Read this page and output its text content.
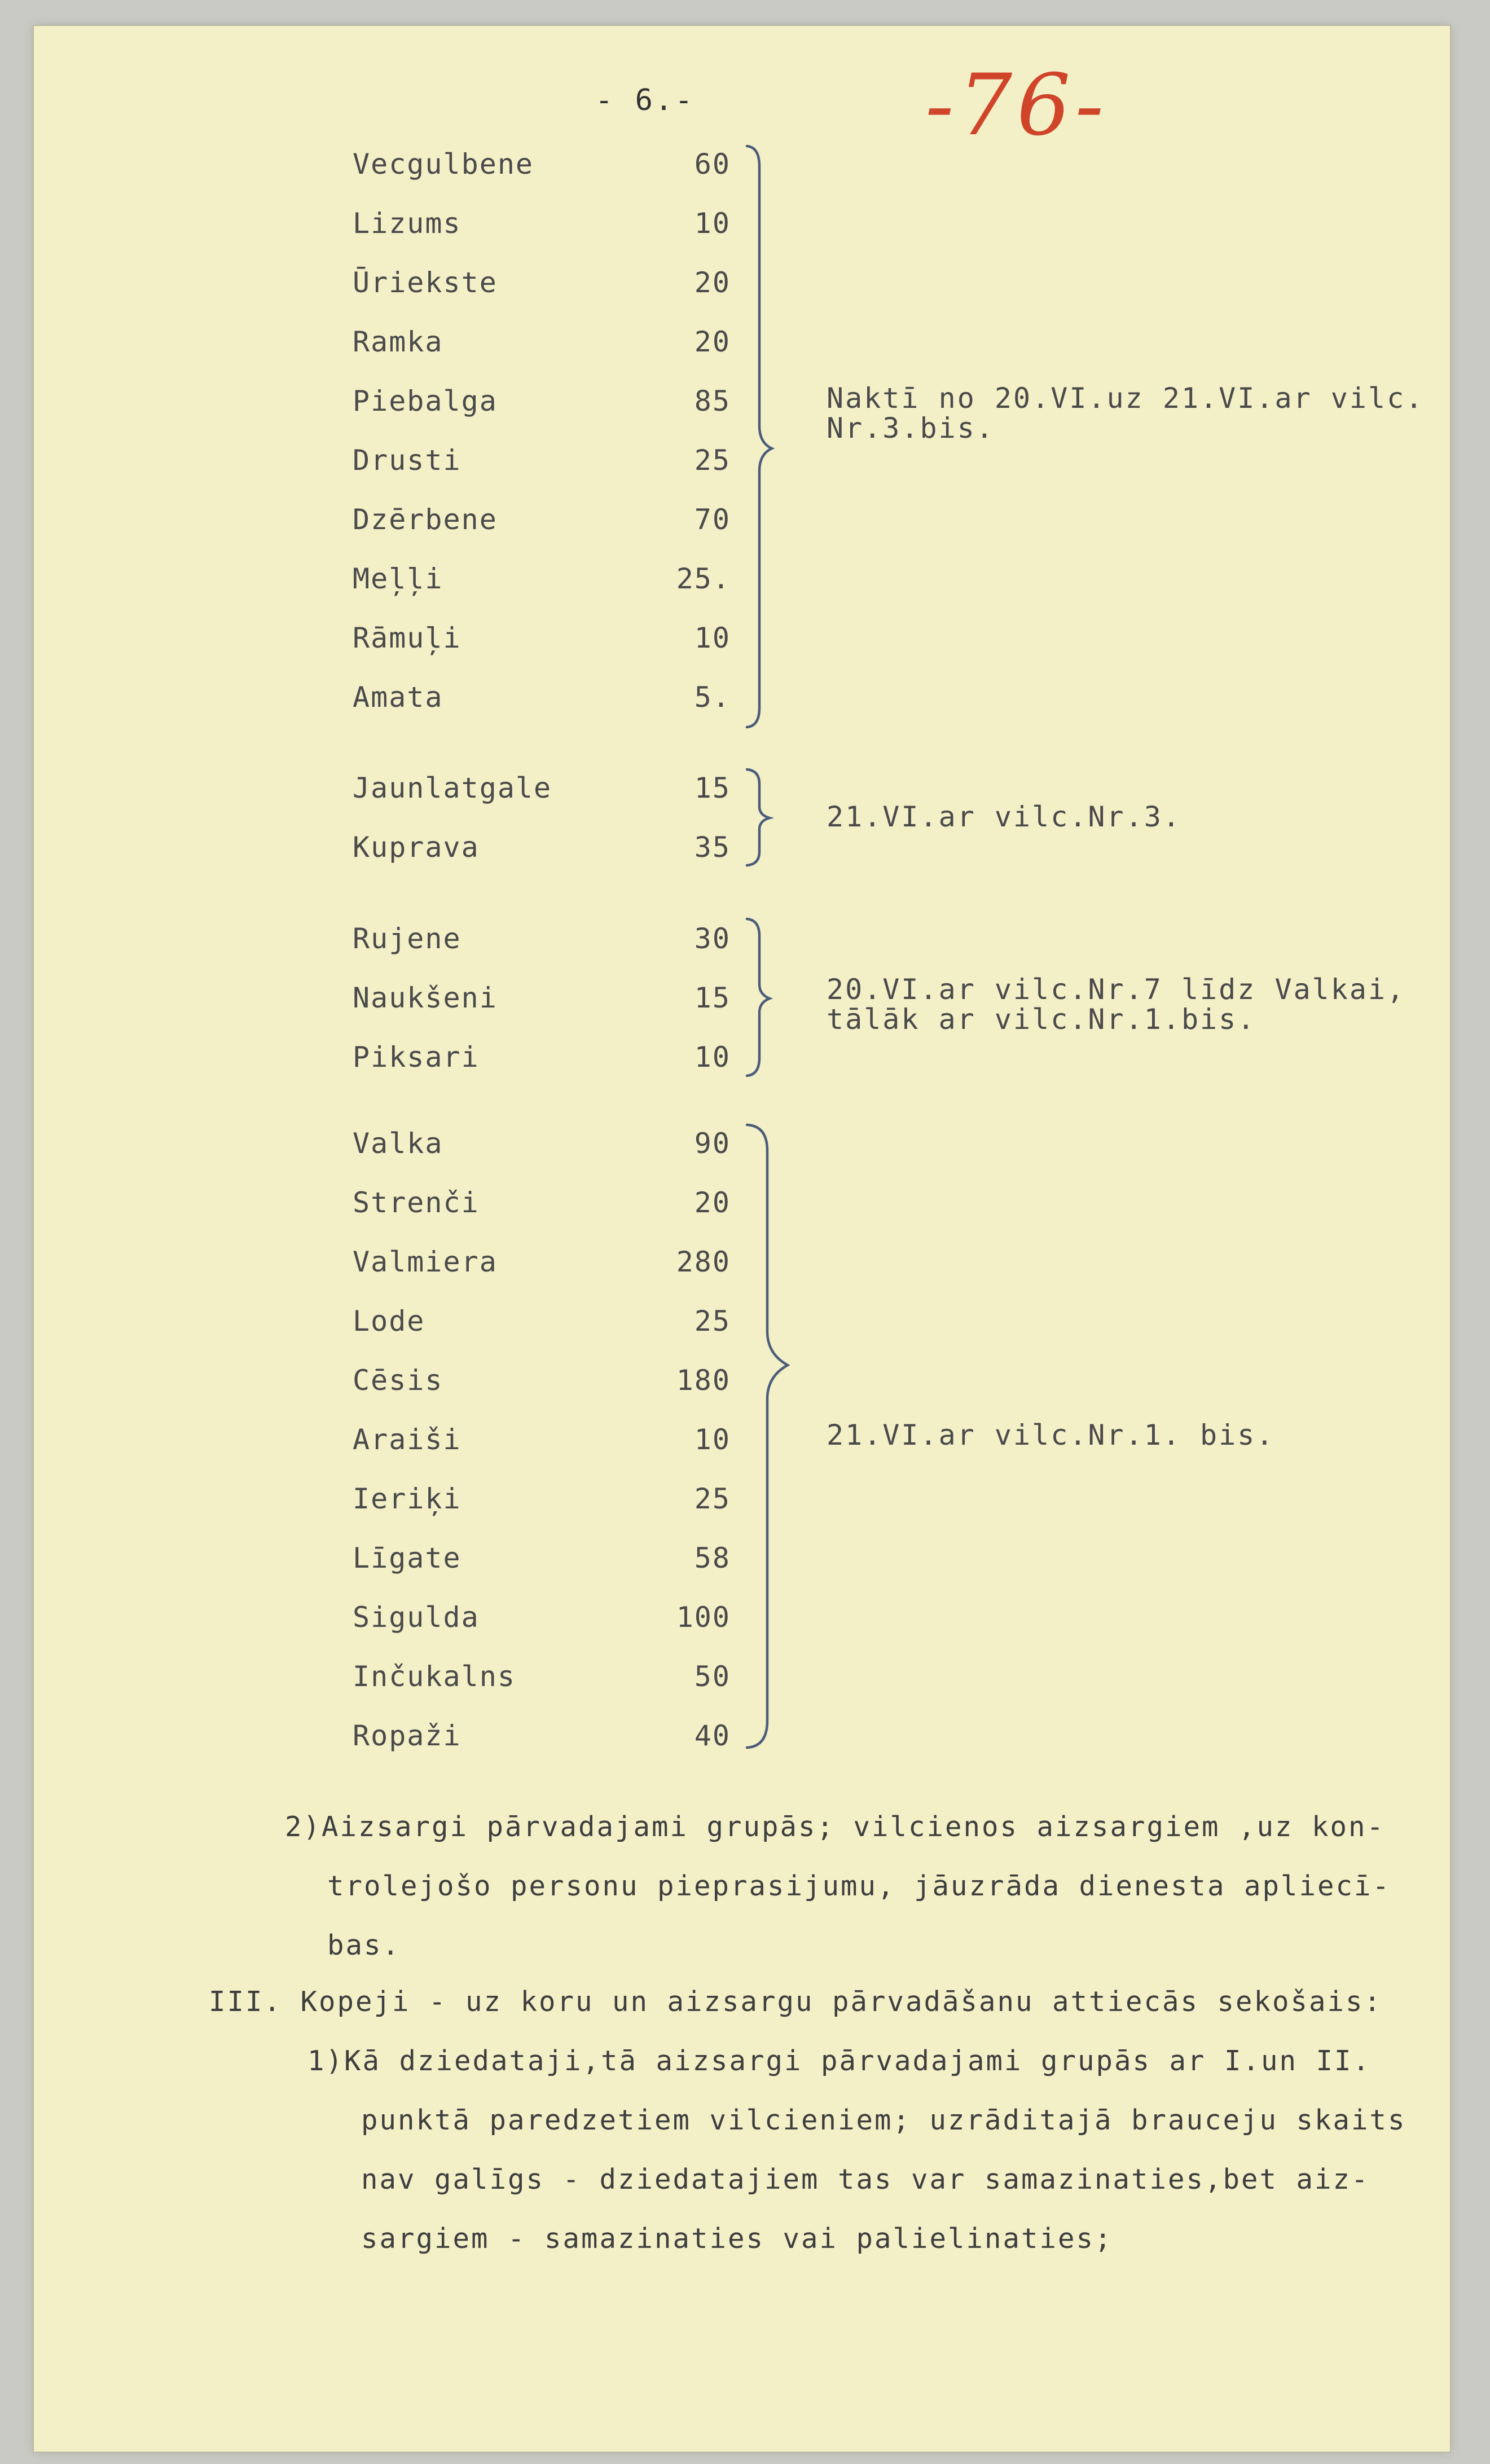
- 6.-	-76-
Vecgulbene	60
Lizums	10
Ūriekste	20
Ramka	20
Piebalga	85
Drusti	25
Dzērbene	70
Meļļi	25.
Rāmuļi	10
Amata	5.
Naktī no 20.VI.uz 21.VI.ar vilc.
Nr.3.bis.
Jaunlatgale	15
Kuprava	35
21.VI.ar vilc.Nr.3.
Rujene	30
Naukšeni	15
Piksari	10
20.VI.ar vilc.Nr.7 līdz Valkai,
tālāk ar vilc.Nr.1.bis.
Valka	90
Strenči	20
Valmiera	280
Lode	25
Cēsis	180
Araiši	10
Ieriķi	25
Līgate	58
Sigulda	100
Inčukalns	50
Ropaži	40
21.VI.ar vilc.Nr.1. bis.
2)Aizsargi pārvadajami grupās; vilcienos aizsargiem ,uz kon-
trolejošo personu pieprasijumu, jāuzrāda dienesta apliecī-
bas.
III. Kopeji - uz koru un aizsargu pārvadāšanu attiecās sekošais:
1)Kā dziedataji,tā aizsargi pārvadajami grupās ar I.un II.
punktā paredzetiem vilcieniem; uzrāditajā brauceju skaits
nav galīgs - dziedatajiem tas var samazinaties,bet aiz-
sargiem - samazinaties vai palielinaties;
